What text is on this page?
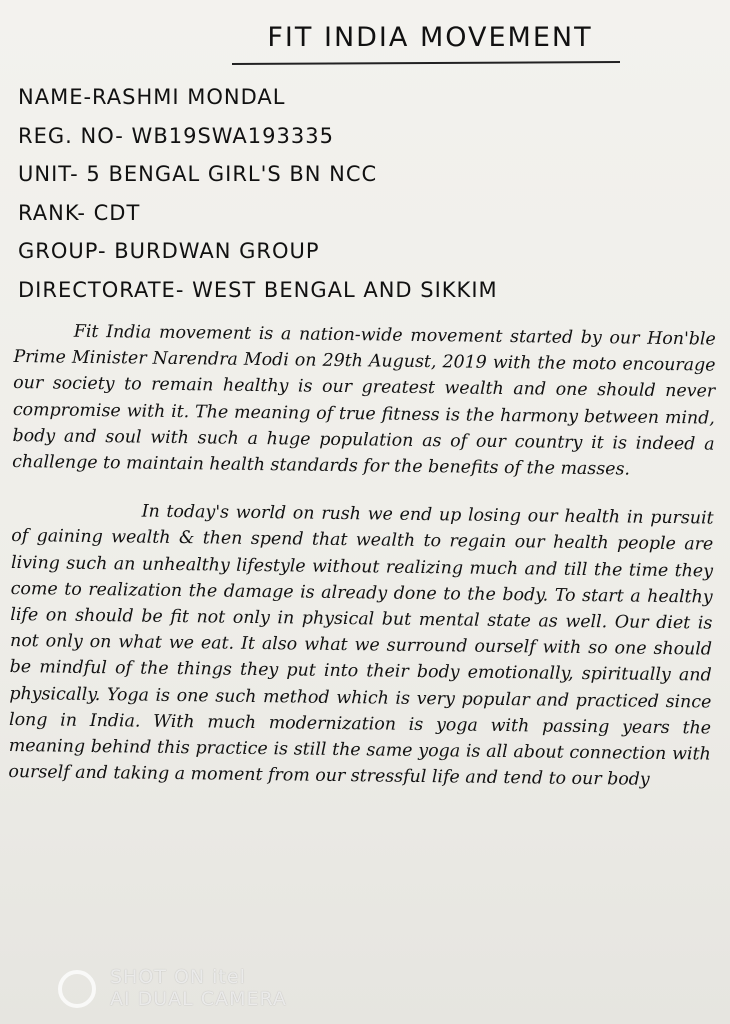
FIT INDIA MOVEMENT
NAME-RASHMI MONDAL
REG. NO- WB19SWA193335
UNIT- 5 BENGAL GIRL'S BN NCC
RANK- CDT
GROUP- BURDWAN GROUP
DIRECTORATE- WEST BENGAL AND SIKKIM

Fit India movement is a nation-wide movement started by our Hon'ble Prime Minister Narendra Modi on 29th August, 2019 with the moto encourage our society to remain healthy is our greatest wealth and one should never compromise with it. The meaning of true fitness is the harmony between mind, body and soul with such a huge population as of our country it is indeed a challenge to maintain health standards for the benefits of the masses.

In today's world on rush we end up losing our health in pursuit of gaining wealth & then spend that wealth to regain our health people are living such an unhealthy lifestyle without realizing much and till the time they come to realization the damage is already done to the body. To start a healthy life on should be fit not only in physical but mental state as well. Our diet is not only on what we eat. It also what we surround ourself with so one should be mindful of the things they put into their body emotionally, spiritually and physically. Yoga is one such method which is very popular and practiced since long in India. With much modernization is yoga with passing years the meaning behind this practice is still the same yoga is all about connection with ourself and taking a moment from our stressful life and tend to our body

SHOT ON itel
AI DUAL CAMERA
